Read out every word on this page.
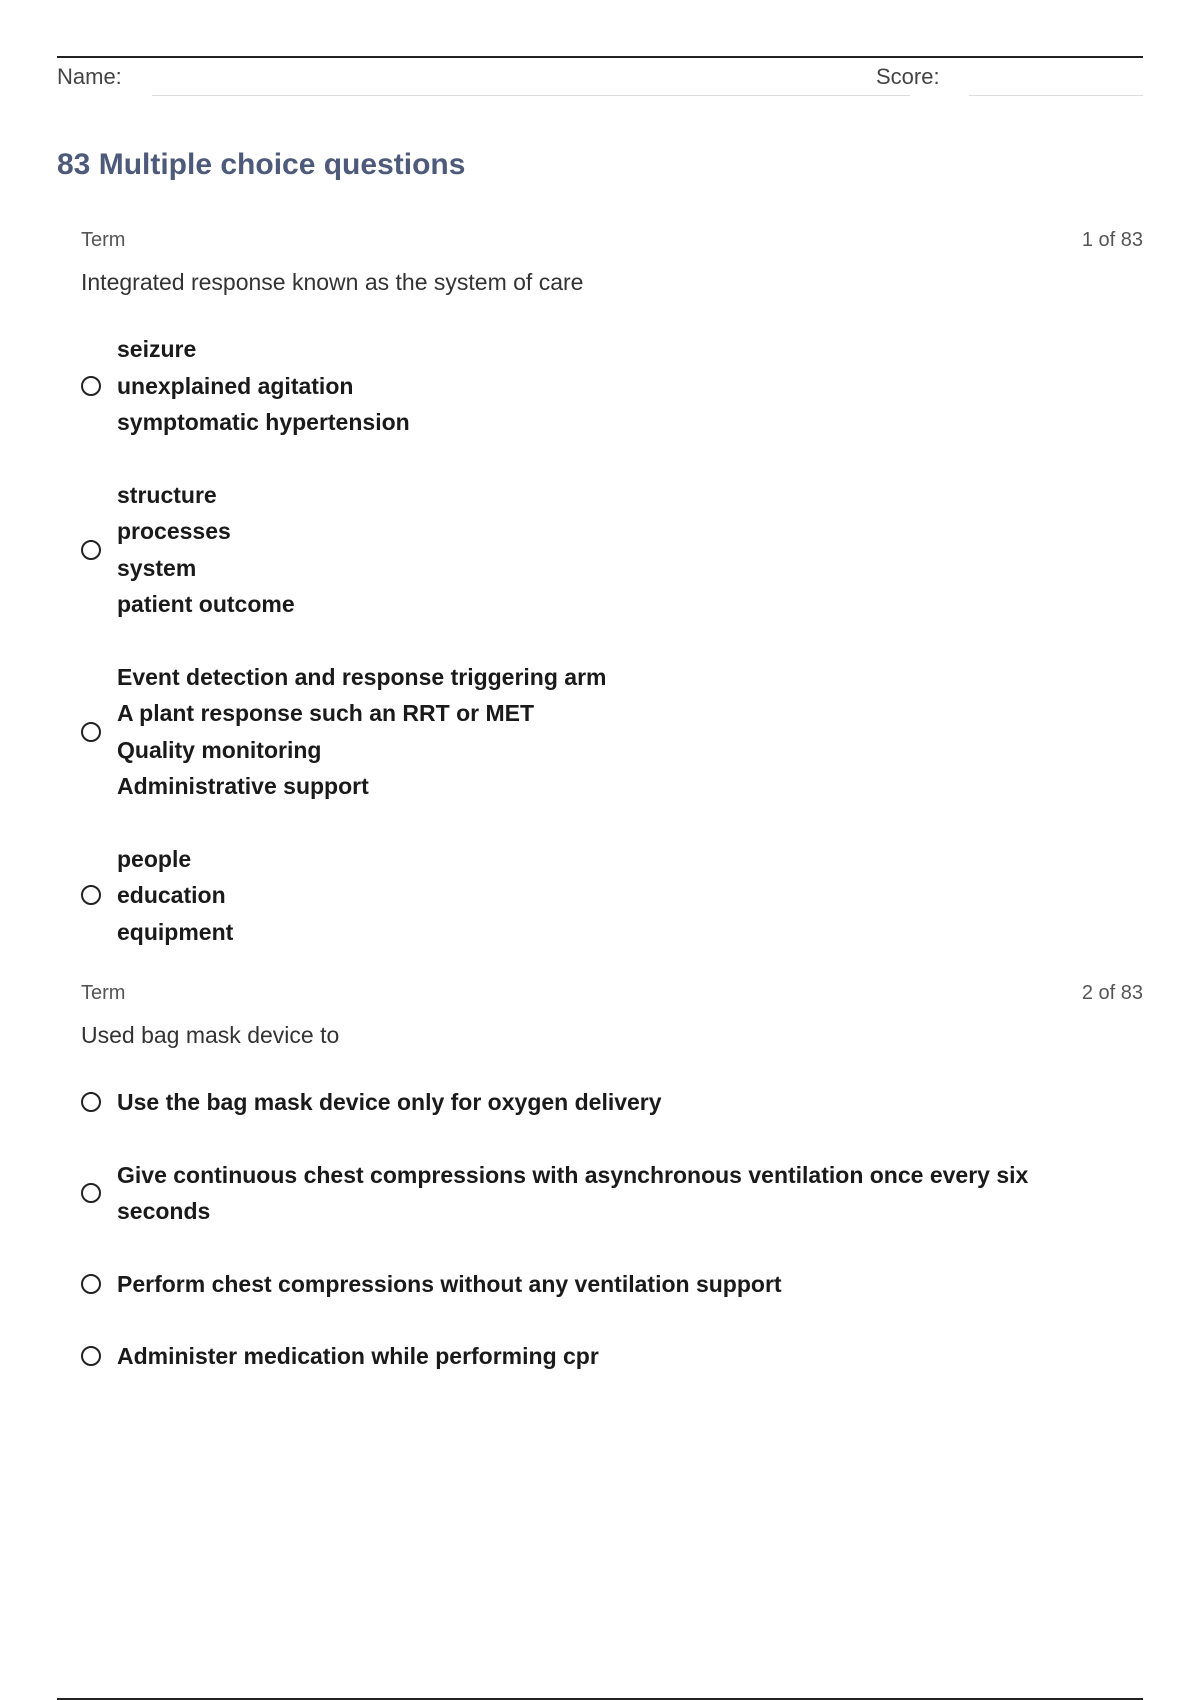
Name:	Score:
83 Multiple choice questions
Term	1 of 83
Integrated response known as the system of care
seizure
unexplained agitation
symptomatic hypertension
structure
processes
system
patient outcome
Event detection and response triggering arm
A plant response such an RRT or MET
Quality monitoring
Administrative support
people
education
equipment
Term	2 of 83
Used bag mask device to
Use the bag mask device only for oxygen delivery
Give continuous chest compressions with asynchronous ventilation once every six
seconds
Perform chest compressions without any ventilation support
Administer medication while performing cpr
